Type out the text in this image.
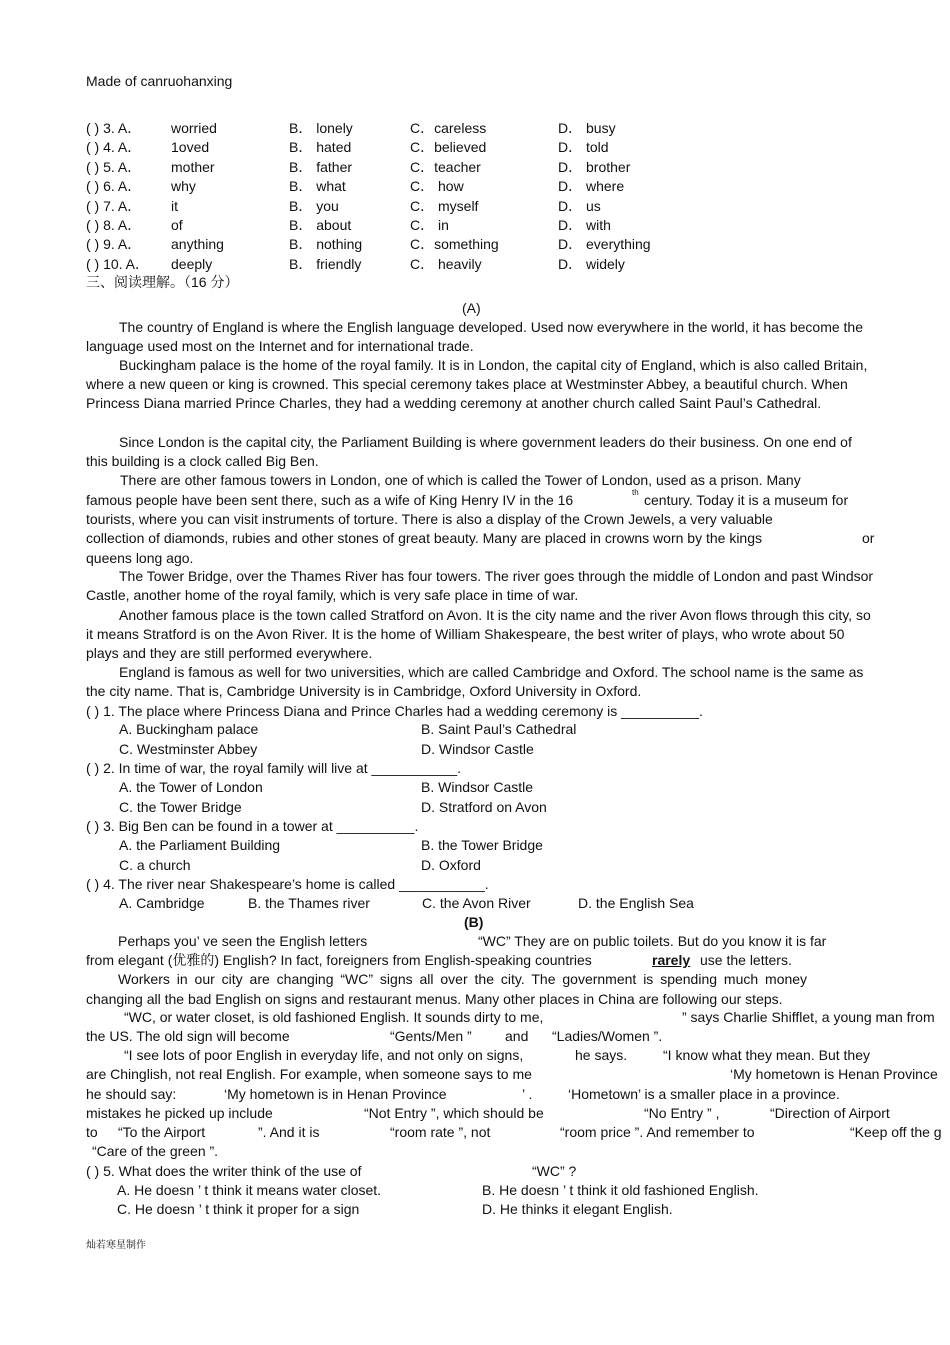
Made of canruohanxing
( ) 3. A． worried	B． lonely	C．careless	D． busy
( ) 4. A． 1oved	B． hated	C．believed	D． told
( ) 5. A． mother	B． father	C．teacher	D． brother
( ) 6. A． why	B． what	C． how	D． where
( ) 7. A． it	B． you	C． myself	D． us
( ) 8. A． of	B． about	C． in	D． with
( ) 9. A． anything	B． nothing	C．something	D． everything
( ) 10. A． deeply	B． friendly	C． heavily	D． widely
三、阅读理解。（16 分）
(A)
The country of England is where the English language developed. Used now everywhere in the world, it has become the language used most on the Internet and for international trade.
Buckingham palace is the home of the royal family. It is in London, the capital city of England, which is also called Britain, where a new queen or king is crowned. This special ceremony takes place at Westminster Abbey, a beautiful church. When Princess Diana married Prince Charles, they had a wedding ceremony at another church called Saint Paul’s Cathedral.
Since London is the capital city, the Parliament Building is where government leaders do their business. On one end of this building is a clock called Big Ben.
There are other famous towers in London, one of which is called the Tower of London, used as a prison. Many
famous people have been sent there, such as a wife of King Henry IV in the 16	th century. Today it is a museum for
tourists, where you can visit instruments of torture. There is also a display of the Crown Jewels, a very valuable
collection of diamonds, rubies and other stones of great beauty. Many are placed in crowns worn by the kings	or
queens long ago.
The Tower Bridge, over the Thames River has four towers. The river goes through the middle of London and past Windsor Castle, another home of the royal family, which is very safe place in time of war.
Another famous place is the town called Stratford on Avon. It is the city name and the river Avon flows through this city, so it means Stratford is on the Avon River. It is the home of William Shakespeare, the best writer of plays, who wrote about 50 plays and they are still performed everywhere.
England is famous as well for two universities, which are called Cambridge and Oxford. The school name is the same as the city name. That is, Cambridge University is in Cambridge, Oxford University in Oxford.
( ) 1. The place where Princess Diana and Prince Charles had a wedding ceremony is __________.
A. Buckingham palace	B. Saint Paul’s Cathedral
C. Westminster Abbey	D. Windsor Castle
( ) 2. In time of war, the royal family will live at ___________.
A. the Tower of London	B. Windsor Castle
C. the Tower Bridge	D. Stratford on Avon
( ) 3. Big Ben can be found in a tower at __________.
A. the Parliament Building	B. the Tower Bridge
C. a church	D. Oxford
( ) 4. The river near Shakespeare’s home is called ___________.
A. Cambridge	B. the Thames river	C. the Avon River	D. the English Sea
(B)
Perhaps you’ ve seen the English letters	“WC” They are on public toilets. But do you know it is far
from elegant (优雅的) English? In fact, foreigners from English-speaking countries	rarely use the letters.
Workers in our city are changing “WC” signs all over the city. The government is spending much money
changing all the bad English on signs and restaurant menus. Many other places in China are following our steps.
“WC, or water closet, is old fashioned English. It sounds dirty to me,	” says Charlie Shifflet, a young man from
the US. The old sign will become	“Gents/Men ” and “Ladies/Women ”.
“I see lots of poor English in everyday life, and not only on signs,	he says.	“I know what they mean. But they
are Chinglish, not real English. For example, when someone says to me	‘My hometown is Henan Province
he should say:	‘My hometown is in Henan Province	’ .	‘Hometown’ is a smaller place in a province.
mistakes he picked up include	“Not Entry ”, which should be	“No Entry ” ,	“Direction of Airport
to “To the Airport	”. And it is	“room rate ”, not	“room price ”. And remember to	“Keep off the g
“Care of the green ”.
( ) 5. What does the writer think of the use of	“WC” ?
A. He doesn ’ t think it means water closet.	B. He doesn ’ t think it old fashioned English.
C. He doesn ’ t think it proper for a sign	D. He thinks it elegant English.
灿若寒星制作
